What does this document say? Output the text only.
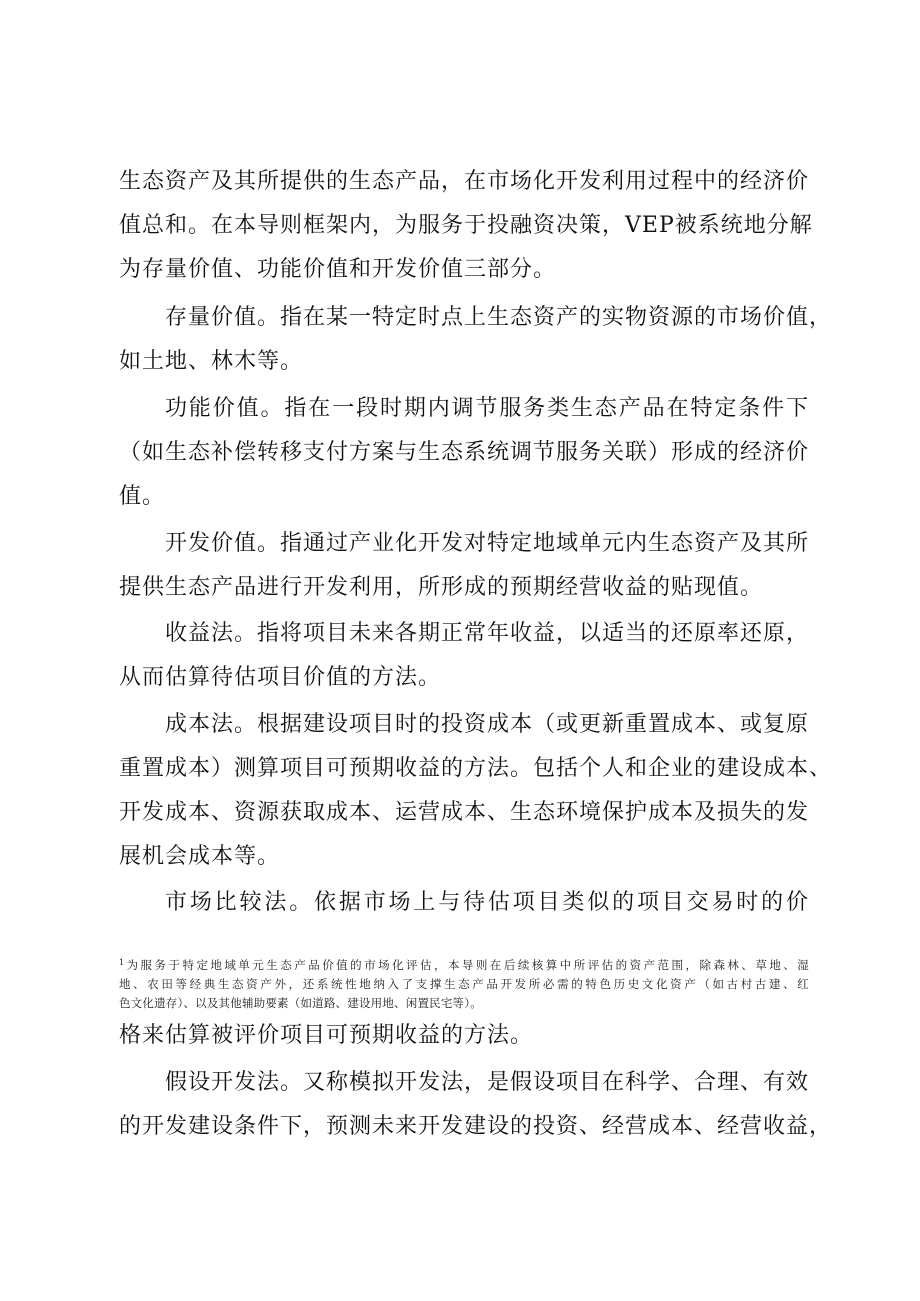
生态资产及其所提供的生态产品，在市场化开发利用过程中的经济价
值总和。在本导则框架内，为服务于投融资决策，VEP被系统地分解
为存量价值、功能价值和开发价值三部分。
存量价值。指在某一特定时点上生态资产的实物资源的市场价值，
如土地、林木等。
功能价值。指在一段时期内调节服务类生态产品在特定条件下
（如生态补偿转移支付方案与生态系统调节服务关联）形成的经济价
值。
开发价值。指通过产业化开发对特定地域单元内生态资产及其所
提供生态产品进行开发利用，所形成的预期经营收益的贴现值。
收益法。指将项目未来各期正常年收益，以适当的还原率还原，
从而估算待估项目价值的方法。
成本法。根据建设项目时的投资成本（或更新重置成本、或复原
重置成本）测算项目可预期收益的方法。包括个人和企业的建设成本、
开发成本、资源获取成本、运营成本、生态环境保护成本及损失的发
展机会成本等。
市场比较法。依据市场上与待估项目类似的项目交易时的价
$^1$为服务于特定地域单元生态产品价值的市场化评估，本导则在后续核算中所评估的资产范围，除森林、草地、湿
地、农田等经典生态资产外，还系统性地纳入了支撑生态产品开发所必需的特色历史文化资产（如古村古建、红
色文化遗存）、以及其他辅助要素（如道路、建设用地、闲置民宅等）。
格来估算被评价项目可预期收益的方法。
假设开发法。又称模拟开发法，是假设项目在科学、合理、有效
的开发建设条件下，预测未来开发建设的投资、经营成本、经营收益，
